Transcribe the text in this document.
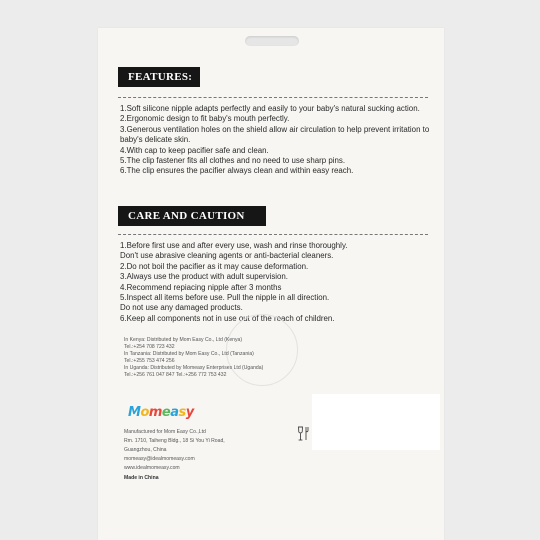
FEATURES:
1.Soft silicone nipple adapts perfectly and easily to your baby's natural sucking action.
2.Ergonomic design to fit baby's mouth perfectly.
3.Generous ventilation holes on the shield allow air circulation to help prevent irritation to baby's delicate skin.
4.With cap to keep pacifier safe and clean.
5.The clip fastener fits all clothes and no need to use sharp pins.
6.The clip ensures the pacifier always clean and within easy reach.
CARE AND CAUTION
1.Before first use and after every use, wash and rinse thoroughly.
Don't use abrasive cleaning agents or anti-bacterial cleaners.
2.Do not boil the pacifier as it may cause deformation.
3.Always use the product with adult supervision.
4.Recommend repiacing nipple after 3 months
5.Inspect all items before use. Pull the nipple in all direction.
Do not use any damaged products.
6.Keep all components not in use out of the reach of children.

In Kenya: Distributed by Mom Easy Co., Ltd (Kenya)

Tel.:+254 708 723 432

In Tanzania: Distributed by Mom Easy Co., Ltd (Tanzania)

Tel.:+255 753 474 256

In Uganda: Distributed by Momeasy Enterprises Ltd (Uganda)

Tel.:+256 761 047 847 Tel.:+256 772 753 432

Momeasy

Manufactured for Mom Easy Co.,Ltd

Rm. 1710, Taiheng Bldg., 18 Si You Yi Road,

Guangzhou, China

momeasy@idealmomeasy.com

www.idealmomeasy.com

Made in China
